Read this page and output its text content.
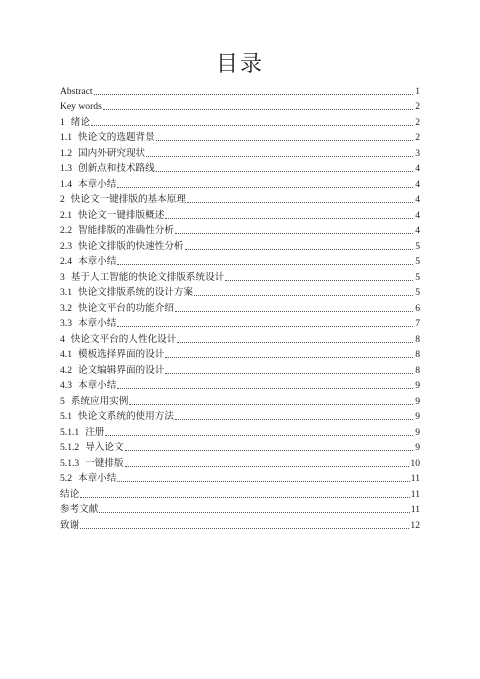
目录
Abstract	1
Key words	2
1 绪论	2
1.1 快论文的选题背景	2
1.2 国内外研究现状	3
1.3 创新点和技术路线	4
1.4 本章小结	4
2 快论文一键排版的基本原理	4
2.1 快论文一键排版概述	4
2.2 智能排版的准确性分析	4
2.3 快论文排版的快速性分析	5
2.4 本章小结	5
3 基于人工智能的快论文排版系统设计	5
3.1 快论文排版系统的设计方案	5
3.2 快论文平台的功能介绍	6
3.3 本章小结	7
4 快论文平台的人性化设计	8
4.1 模板选择界面的设计	8
4.2 论文编辑界面的设计	8
4.3 本章小结	9
5 系统应用实例	9
5.1 快论文系统的使用方法	9
5.1.1 注册	9
5.1.2 导入论文	9
5.1.3 一键排版	10
5.2 本章小结	11
结论	11
参考文献	11
致谢	12
